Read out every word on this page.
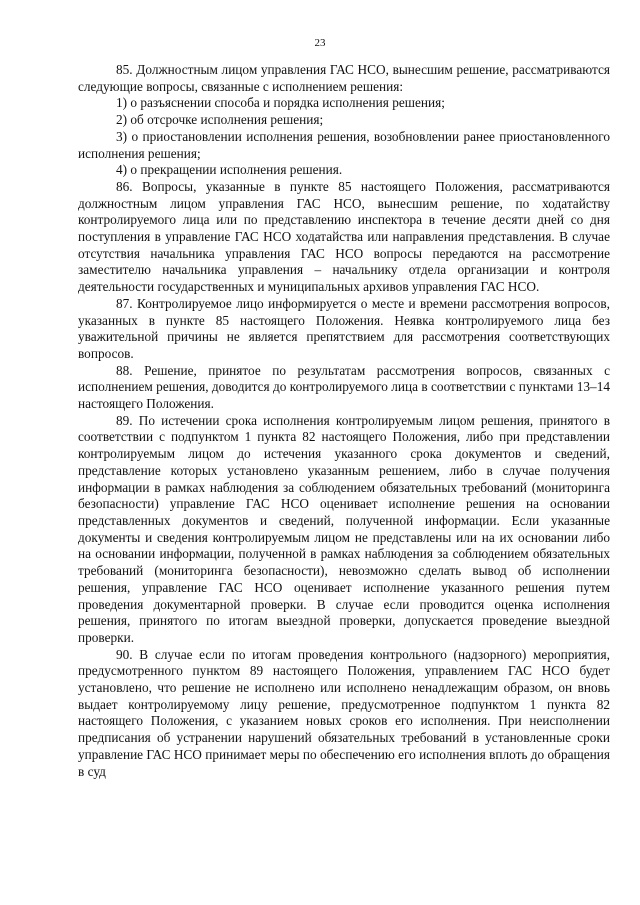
23

85. Должностным лицом управления ГАС НСО, вынесшим решение, рассматриваются следующие вопросы, связанные с исполнением решения:

1) о разъяснении способа и порядка исполнения решения;

2) об отсрочке исполнения решения;

3) о приостановлении исполнения решения, возобновлении ранее приостановленного исполнения решения;

4) о прекращении исполнения решения.

86. Вопросы, указанные в пункте 85 настоящего Положения, рассматриваются должностным лицом управления ГАС НСО, вынесшим решение, по ходатайству контролируемого лица или по представлению инспектора в течение десяти дней со дня поступления в управление ГАС НСО ходатайства или направления представления. В случае отсутствия начальника управления ГАС НСО вопросы передаются на рассмотрение заместителю начальника управления – начальнику отдела организации и контроля деятельности государственных и муниципальных архивов управления ГАС НСО.

87. Контролируемое лицо информируется о месте и времени рассмотрения вопросов, указанных в пункте 85 настоящего Положения. Неявка контролируемого лица без уважительной причины не является препятствием для рассмотрения соответствующих вопросов.

88. Решение, принятое по результатам рассмотрения вопросов, связанных с исполнением решения, доводится до контролируемого лица в соответствии с пунктами 13–14 настоящего Положения.

89. По истечении срока исполнения контролируемым лицом решения, принятого в соответствии с подпунктом 1 пункта 82 настоящего Положения, либо при представлении контролируемым лицом до истечения указанного срока документов и сведений, представление которых установлено указанным решением, либо в случае получения информации в рамках наблюдения за соблюдением обязательных требований (мониторинга безопасности) управление ГАС НСО оценивает исполнение решения на основании представленных документов и сведений, полученной информации. Если указанные документы и сведения контролируемым лицом не представлены или на их основании либо на основании информации, полученной в рамках наблюдения за соблюдением обязательных требований (мониторинга безопасности), невозможно сделать вывод об исполнении решения, управление ГАС НСО оценивает исполнение указанного решения путем проведения документарной проверки. В случае если проводится оценка исполнения решения, принятого по итогам выездной проверки, допускается проведение выездной проверки.

90. В случае если по итогам проведения контрольного (надзорного) мероприятия, предусмотренного пунктом 89 настоящего Положения, управлением ГАС НСО будет установлено, что решение не исполнено или исполнено ненадлежащим образом, он вновь выдает контролируемому лицу решение, предусмотренное подпунктом 1 пункта 82 настоящего Положения, с указанием новых сроков его исполнения. При неисполнении предписания об устранении нарушений обязательных требований в установленные сроки управление ГАС НСО принимает меры по обеспечению его исполнения вплоть до обращения в суд
